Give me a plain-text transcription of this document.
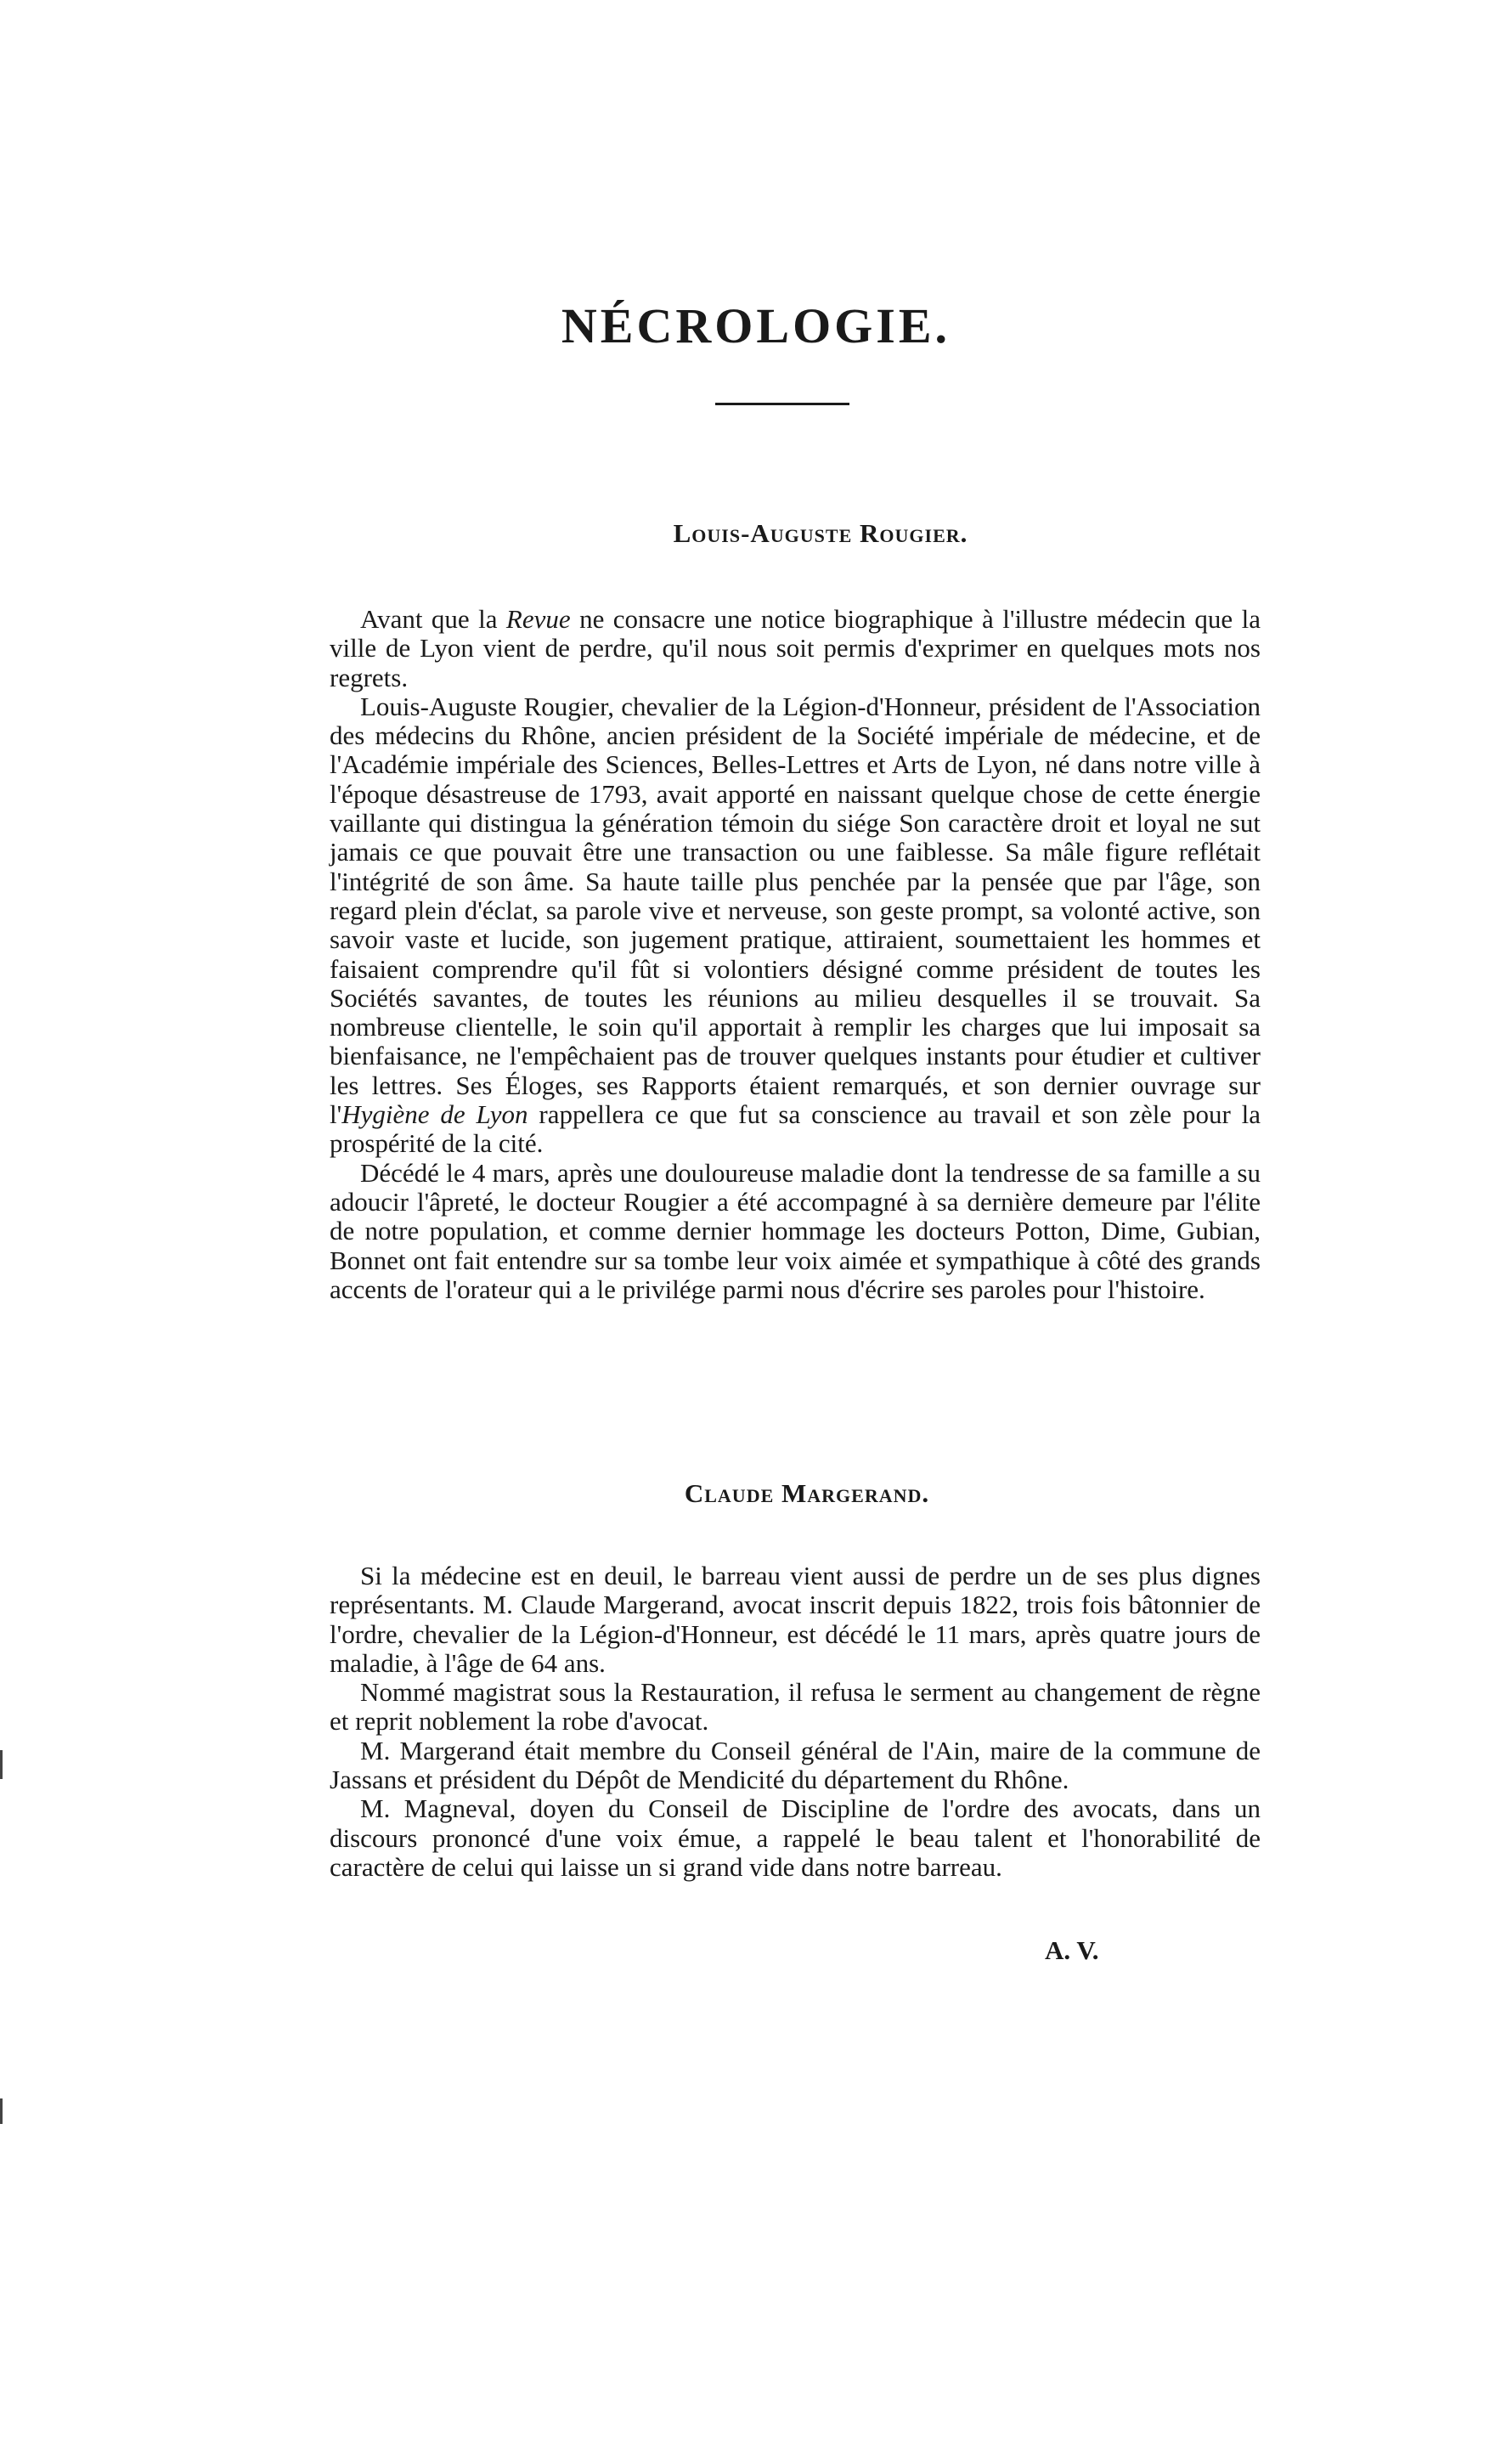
NÉCROLOGIE.
Louis-Auguste Rougier.

Avant que la Revue ne consacre une notice biographique à l'illustre médecin que la ville de Lyon vient de perdre, qu'il nous soit permis d'exprimer en quelques mots nos regrets.

Louis-Auguste Rougier, chevalier de la Légion-d'Honneur, président de l'Association des médecins du Rhône, ancien président de la Société impériale de médecine, et de l'Académie impériale des Sciences, Belles-Lettres et Arts de Lyon, né dans notre ville à l'époque désastreuse de 1793, avait apporté en naissant quelque chose de cette énergie vaillante qui distingua la génération témoin du siége Son caractère droit et loyal ne sut jamais ce que pouvait être une transaction ou une faiblesse. Sa mâle figure reflétait l'intégrité de son âme. Sa haute taille plus penchée par la pensée que par l'âge, son regard plein d'éclat, sa parole vive et nerveuse, son geste prompt, sa volonté active, son savoir vaste et lucide, son jugement pratique, attiraient, soumettaient les hommes et faisaient comprendre qu'il fût si volontiers désigné comme président de toutes les Sociétés savantes, de toutes les réunions au milieu desquelles il se trouvait. Sa nombreuse clientelle, le soin qu'il apportait à remplir les charges que lui imposait sa bienfaisance, ne l'empêchaient pas de trouver quelques instants pour étudier et cultiver les lettres. Ses Éloges, ses Rapports étaient remarqués, et son dernier ouvrage sur l'Hygiène de Lyon rappellera ce que fut sa conscience au travail et son zèle pour la prospérité de la cité.

Décédé le 4 mars, après une douloureuse maladie dont la tendresse de sa famille a su adoucir l'âpreté, le docteur Rougier a été accompagné à sa dernière demeure par l'élite de notre population, et comme dernier hommage les docteurs Potton, Dime, Gubian, Bonnet ont fait entendre sur sa tombe leur voix aimée et sympathique à côté des grands accents de l'orateur qui a le privilége parmi nous d'écrire ses paroles pour l'histoire.

Claude Margerand.

Si la médecine est en deuil, le barreau vient aussi de perdre un de ses plus dignes représentants. M. Claude Margerand, avocat inscrit depuis 1822, trois fois bâtonnier de l'ordre, chevalier de la Légion-d'Honneur, est décédé le 11 mars, après quatre jours de maladie, à l'âge de 64 ans.

Nommé magistrat sous la Restauration, il refusa le serment au changement de règne et reprit noblement la robe d'avocat.

M. Margerand était membre du Conseil général de l'Ain, maire de la commune de Jassans et président du Dépôt de Mendicité du département du Rhône.

M. Magneval, doyen du Conseil de Discipline de l'ordre des avocats, dans un discours prononcé d'une voix émue, a rappelé le beau talent et l'honorabilité de caractère de celui qui laisse un si grand vide dans notre barreau.

A. V.
